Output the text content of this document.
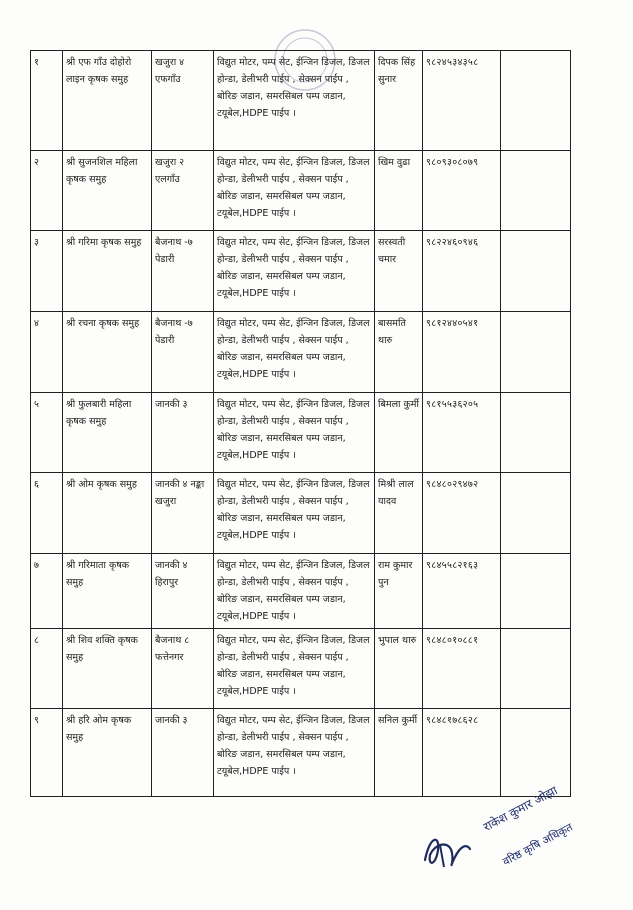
१	श्री एफ गाँउ दोहोरो लाइन कृषक समुह	खजुरा ४ एफगाँउ	विद्युत मोटर, पम्प सेट, ईन्जिन डिजल, डिजल होन्डा, डेलीभरी पाईप , सेक्सन पाईप , बोरिङ जडान, समरसिबल पम्प जडान, टयूबेल,HDPE पाईप ।	दिपक सिंह सुनार	९८२४५३४३५८	
२	श्री सुजनशिल महिला कृषक समुह	खजुरा २ एलगाँउ	विद्युत मोटर, पम्प सेट, ईन्जिन डिजल, डिजल होन्डा, डेलीभरी पाईप , सेक्सन पाईप , बोरिङ जडान, समरसिबल पम्प जडान, टयूबेल,HDPE पाईप ।	खिम वुढा	९८०९३०८०७९	
३	श्री गरिमा कृषक समुह	बैजनाथ -७ पेडारी	विद्युत मोटर, पम्प सेट, ईन्जिन डिजल, डिजल होन्डा, डेलीभरी पाईप , सेक्सन पाईप , बोरिङ जडान, समरसिबल पम्प जडान, टयूबेल,HDPE पाईप ।	सरस्वती चमार	९८२२४६०९४६	
४	श्री रचना कृषक समुह	बैजनाथ -७ पेडारी	विद्युत मोटर, पम्प सेट, ईन्जिन डिजल, डिजल होन्डा, डेलीभरी पाईप , सेक्सन पाईप , बोरिङ जडान, समरसिबल पम्प जडान, टयूबेल,HDPE पाईप ।	बासमति थारु	९८१२४४०५४१	
५	श्री फुलबारी महिला कृषक समुह	जानकी ३	विद्युत मोटर, पम्प सेट, ईन्जिन डिजल, डिजल होन्डा, डेलीभरी पाईप , सेक्सन पाईप , बोरिङ जडान, समरसिबल पम्प जडान, टयूबेल,HDPE पाईप ।	बिमला कुर्मी	९८१५५३६२०५	
६	श्री ओम कृषक समुह	जानकी ४ नङ्का खजुरा	विद्युत मोटर, पम्प सेट, ईन्जिन डिजल, डिजल होन्डा, डेलीभरी पाईप , सेक्सन पाईप , बोरिङ जडान, समरसिबल पम्प जडान, टयूबेल,HDPE पाईप ।	मिश्री लाल यादव	९८४८०२९४७२	
७	श्री गरिमाता कृषक समुह	जानकी ४ हिरापुर	विद्युत मोटर, पम्प सेट, ईन्जिन डिजल, डिजल होन्डा, डेलीभरी पाईप , सेक्सन पाईप , बोरिङ जडान, समरसिबल पम्प जडान, टयूबेल,HDPE पाईप ।	राम कुमार पुन	९८४५५८२१६३	
८	श्री शिव शक्ति कृषक समुह	बैजनाथ ८ फत्तेनगर	विद्युत मोटर, पम्प सेट, ईन्जिन डिजल, डिजल होन्डा, डेलीभरी पाईप , सेक्सन पाईप , बोरिङ जडान, समरसिबल पम्प जडान, टयूबेल,HDPE पाईप ।	भुपाल थारु	९८४८०१०८८१	
९	श्री हरि ओम कृषक समुह	जानकी ३	विद्युत मोटर, पम्प सेट, ईन्जिन डिजल, डिजल होन्डा, डेलीभरी पाईप , सेक्सन पाईप , बोरिङ जडान, समरसिबल पम्प जडान, टयूबेल,HDPE पाईप ।	सनिल कुर्मी	९८४८१७८६२८	
राकेश कुमार ओझा
वरिष्ठ कृषि अधिकृत
